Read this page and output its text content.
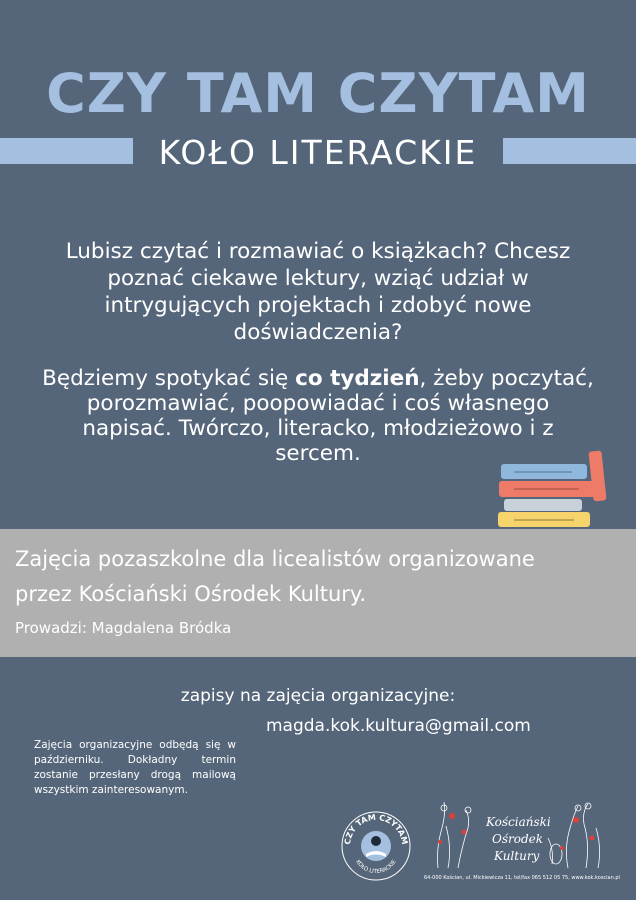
CZY TAM CZYTAM
KOŁO LITERACKIE
Lubisz czytać i rozmawiać o książkach? Chcesz poznać ciekawe lektury, wziąć udział w intrygujących projektach i zdobyć nowe doświadczenia?
Będziemy spotykać się co tydzień, żeby poczytać, porozmawiać, poopowiadać i coś własnego napisać. Twórczo, literacko, młodzieżowo i z sercem.
Zajęcia pozaszkolne dla licealistów organizowane
przez Kościański Ośrodek Kultury.
Prowadzi: Magdalena Bródka
zapisy na zajęcia organizacyjne:
magda.kok.kultura@gmail.com
Zajęcia organizacyjne odbędą się w październiku. Dokładny termin zostanie przesłany drogą mailową wszystkim zainteresowanym.
CZY TAM CZYTAM
KOŁO LITERACKIE
Kościański
Ośrodek
Kultury
64-000 Kościan, ul. Mickiewicza 11, tel/fax 065 512 05 75, www.kok.koscian.pl
